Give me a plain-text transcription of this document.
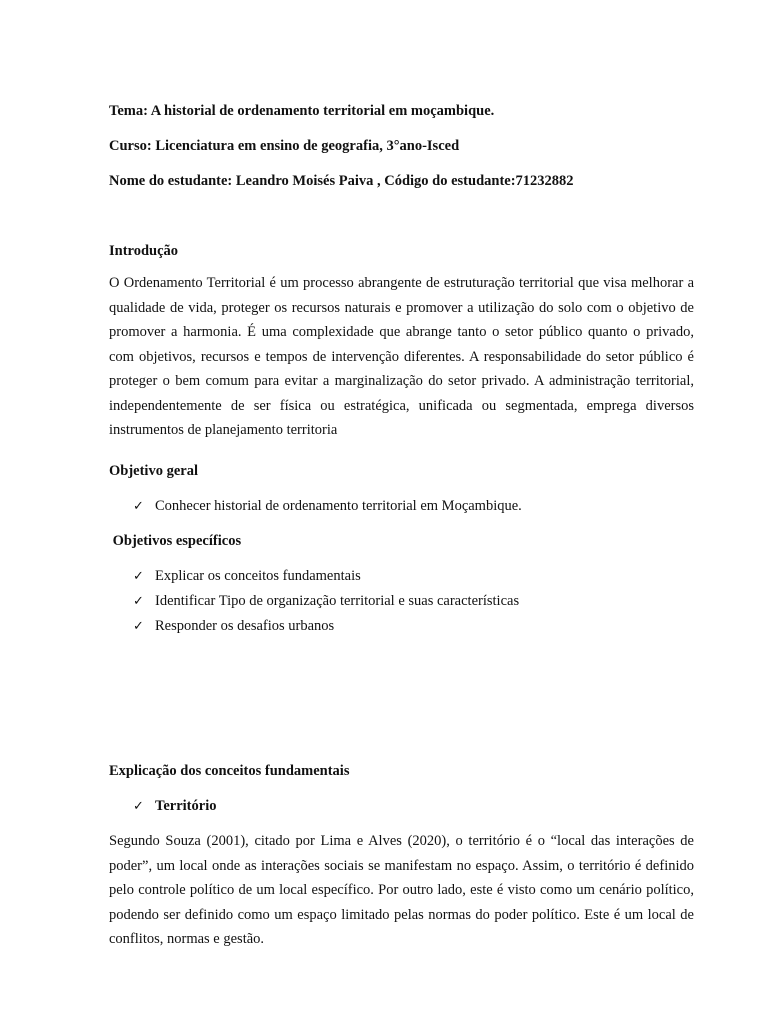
Tema: A historial de ordenamento territorial em moçambique.
Curso: Licenciatura em ensino de geografia, 3°ano-Isced
Nome do estudante: Leandro Moisés Paiva , Código do estudante:71232882
Introdução
O Ordenamento Territorial é um processo abrangente de estruturação territorial que visa melhorar a qualidade de vida, proteger os recursos naturais e promover a utilização do solo com o objetivo de promover a harmonia. É uma complexidade que abrange tanto o setor público quanto o privado, com objetivos, recursos e tempos de intervenção diferentes. A responsabilidade do setor público é proteger o bem comum para evitar a marginalização do setor privado. A administração territorial, independentemente de ser física ou estratégica, unificada ou segmentada, emprega diversos instrumentos de planejamento territoria
Objetivo geral
✓ Conhecer historial de ordenamento territorial em Moçambique.
Objetivos específicos
✓ Explicar os conceitos fundamentais
✓ Identificar Tipo de organização territorial e suas características
✓ Responder os desafios urbanos
Explicação dos conceitos fundamentais
✓ Território
Segundo Souza (2001), citado por Lima e Alves (2020), o território é o “local das interações de poder”, um local onde as interações sociais se manifestam no espaço. Assim, o território é definido pelo controle político de um local específico. Por outro lado, este é visto como um cenário político, podendo ser definido como um espaço limitado pelas normas do poder político. Este é um local de conflitos, normas e gestão.
